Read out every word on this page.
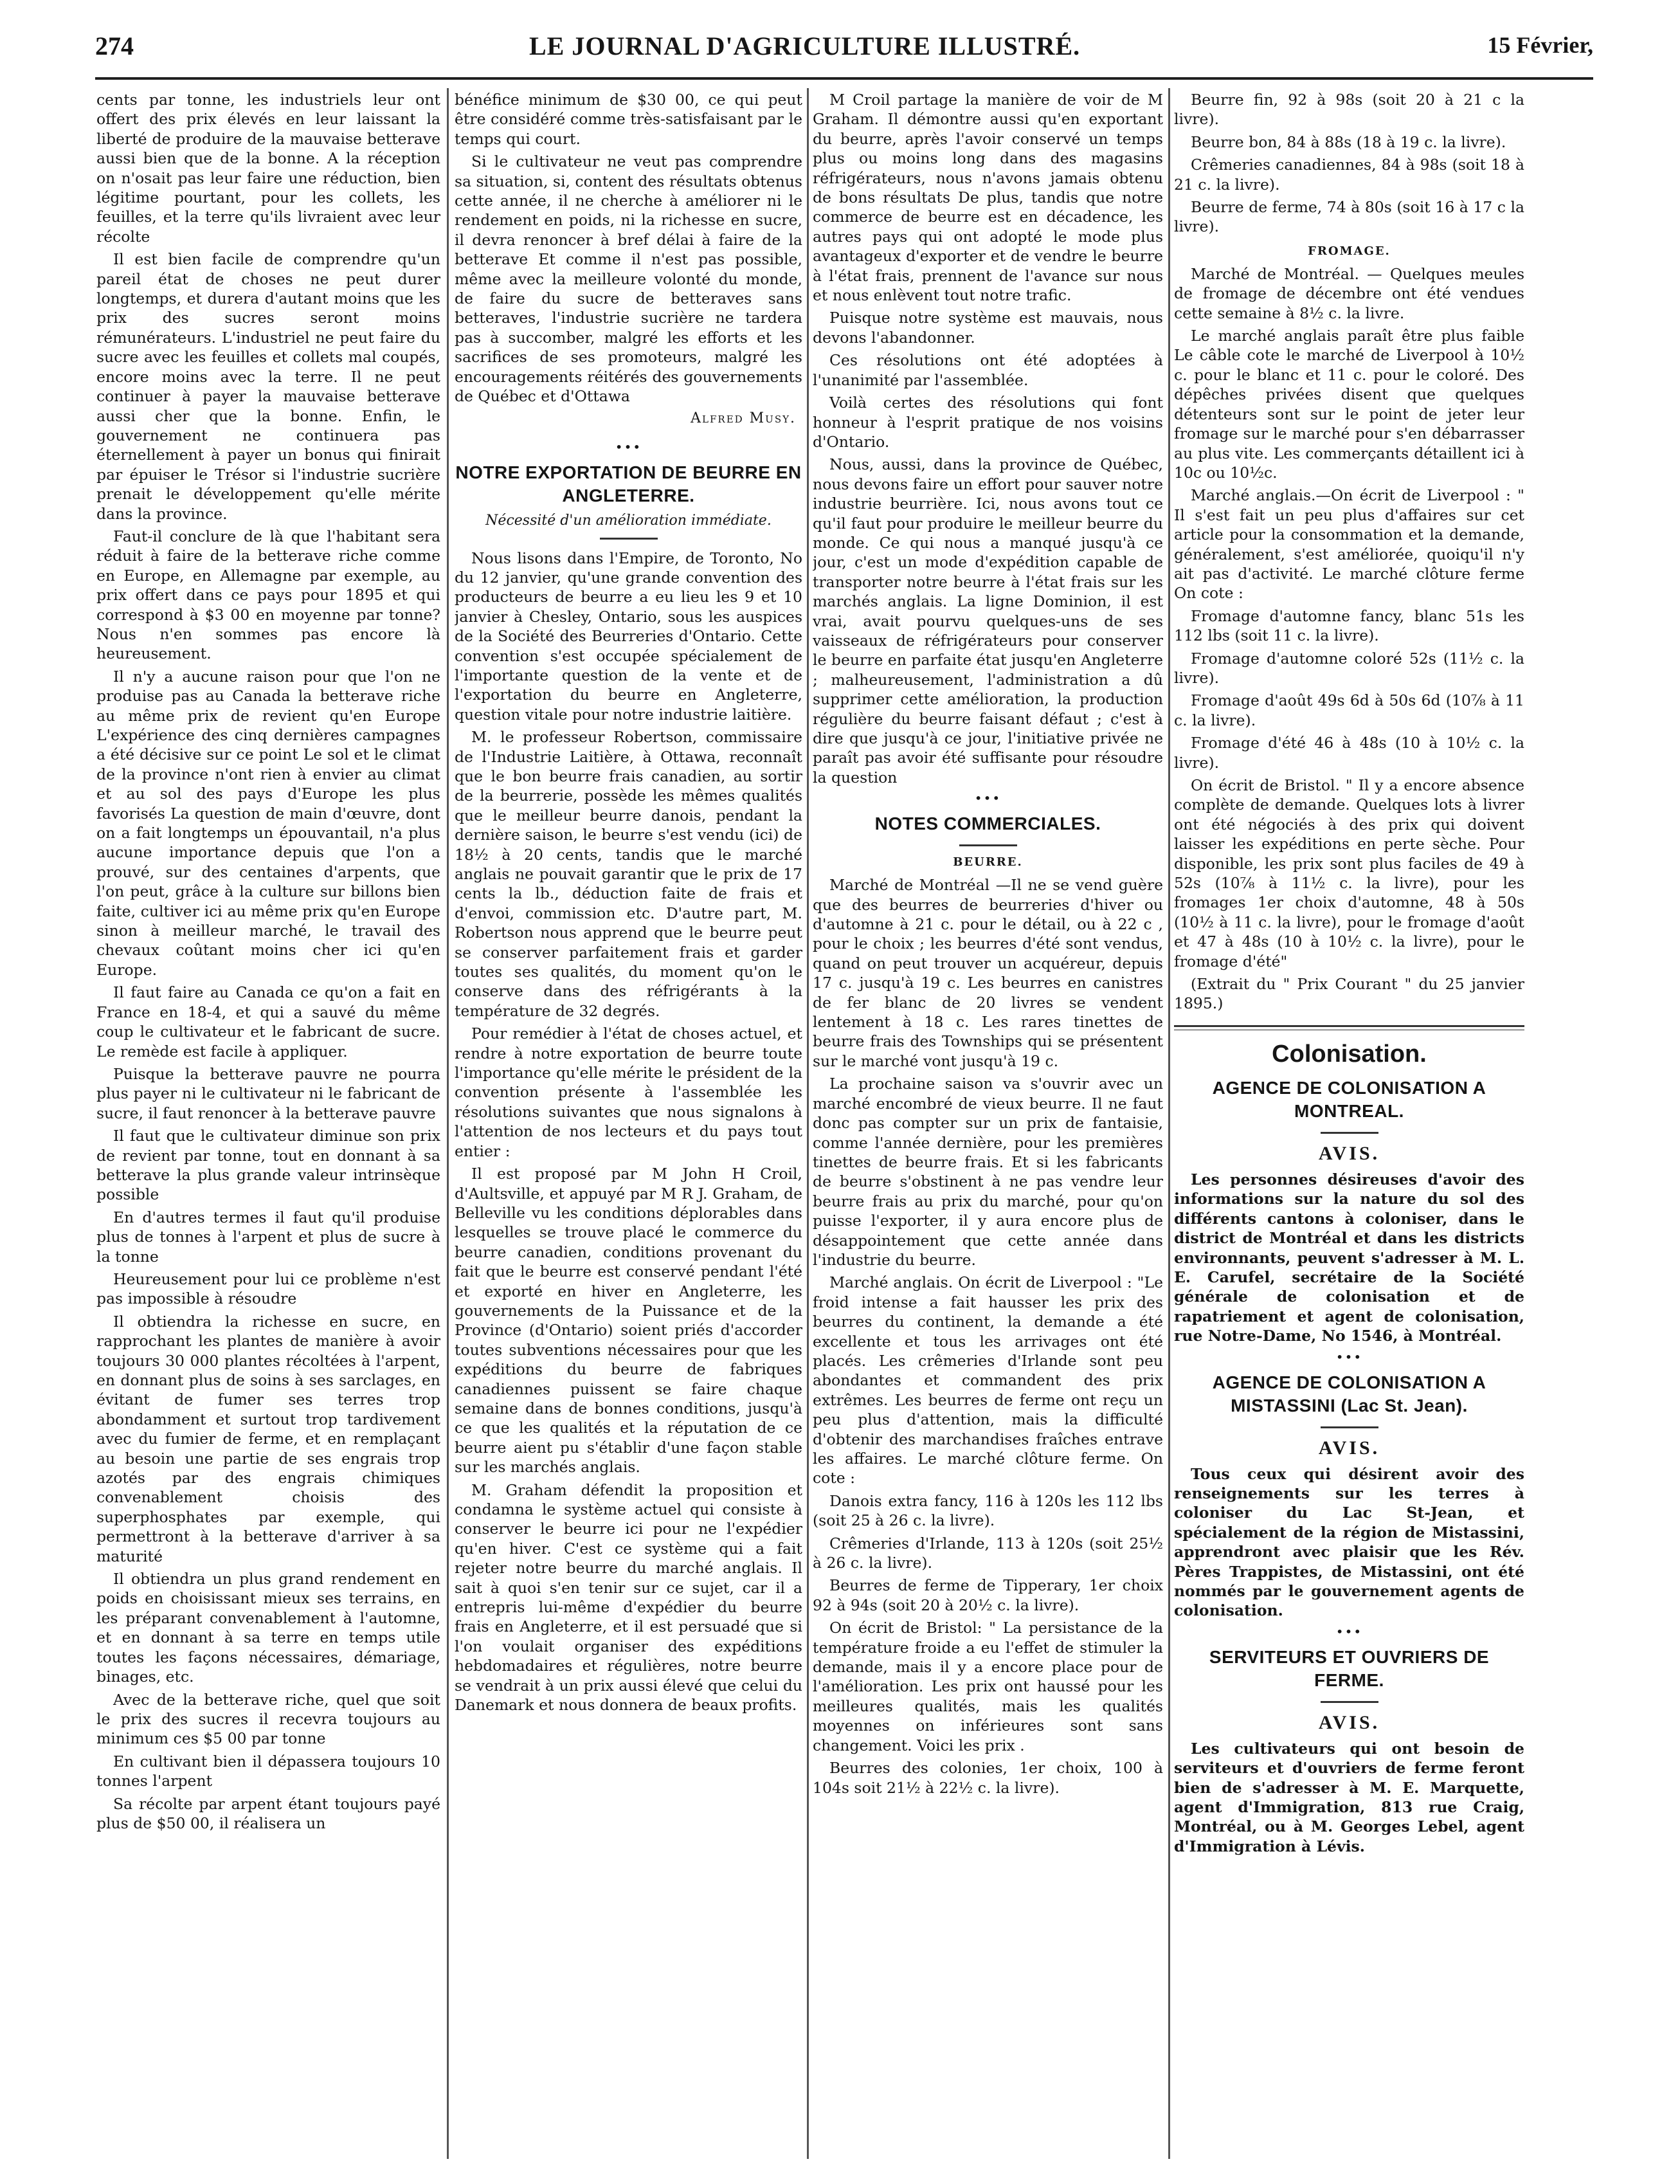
274	LE JOURNAL D'AGRICULTURE ILLUSTRÉ.	15 Février,

cents par tonne, les industriels leur ont offert des prix élevés en leur laissant la liberté de produire de la mauvaise betterave aussi bien que de la bonne. A la réception on n'osait pas leur faire une réduction, bien légitime pourtant, pour les collets, les feuilles, et la terre qu'ils livraient avec leur récolte

Il est bien facile de comprendre qu'un pareil état de choses ne peut durer longtemps, et durera d'autant moins que les prix des sucres seront moins rémunérateurs. L'industriel ne peut faire du sucre avec les feuilles et collets mal coupés, encore moins avec la terre. Il ne peut continuer à payer la mauvaise betterave aussi cher que la bonne. Enfin, le gouvernement ne continuera pas éternellement à payer un bonus qui finirait par épuiser le Trésor si l'industrie sucrière prenait le développement qu'elle mérite dans la province.

Faut-il conclure de là que l'habitant sera réduit à faire de la betterave riche comme en Europe, en Allemagne par exemple, au prix offert dans ce pays pour 1895 et qui correspond à $3 00 en moyenne par tonne? Nous n'en sommes pas encore là heureusement.

Il n'y a aucune raison pour que l'on ne produise pas au Canada la betterave riche au même prix de revient qu'en Europe L'expérience des cinq dernières campagnes a été décisive sur ce point Le sol et le climat de la province n'ont rien à envier au climat et au sol des pays d'Europe les plus favorisés La question de main d'œuvre, dont on a fait longtemps un épouvantail, n'a plus aucune importance depuis que l'on a prouvé, sur des centaines d'arpents, que l'on peut, grâce à la culture sur billons bien faite, cultiver ici au même prix qu'en Europe sinon à meilleur marché, le travail des chevaux coûtant moins cher ici qu'en Europe.

Il faut faire au Canada ce qu'on a fait en France en 18-4, et qui a sauvé du même coup le cultivateur et le fabricant de sucre. Le remède est facile à appliquer.

Puisque la betterave pauvre ne pourra plus payer ni le cultivateur ni le fabricant de sucre, il faut renoncer à la betterave pauvre

Il faut que le cultivateur diminue son prix de revient par tonne, tout en donnant à sa betterave la plus grande valeur intrinsèque possible

En d'autres termes il faut qu'il produise plus de tonnes à l'arpent et plus de sucre à la tonne

Heureusement pour lui ce problème n'est pas impossible à résoudre

Il obtiendra la richesse en sucre, en rapprochant les plantes de manière à avoir toujours 30 000 plantes récoltées à l'arpent, en donnant plus de soins à ses sarclages, en évitant de fumer ses terres trop abondamment et surtout trop tardivement avec du fumier de ferme, et en remplaçant au besoin une partie de ses engrais trop azotés par des engrais chimiques convenablement choisis des superphosphates par exemple, qui permettront à la betterave d'arriver à sa maturité

Il obtiendra un plus grand rendement en poids en choisissant mieux ses terrains, en les préparant convenablement à l'automne, et en donnant à sa terre en temps utile toutes les façons nécessaires, démariage, binages, etc.

Avec de la betterave riche, quel que soit le prix des sucres il recevra toujours au minimum ces $5 00 par tonne

En cultivant bien il dépassera toujours 10 tonnes l'arpent

Sa récolte par arpent étant toujours payé plus de $50 00, il réalisera un

bénéfice minimum de $30 00, ce qui peut être considéré comme très-satisfaisant par le temps qui court.

Si le cultivateur ne veut pas comprendre sa situation, si, content des résultats obtenus cette année, il ne cherche à améliorer ni le rendement en poids, ni la richesse en sucre, il devra renoncer à bref délai à faire de la betterave Et comme il n'est pas possible, même avec la meilleure volonté du monde, de faire du sucre de betteraves sans betteraves, l'industrie sucrière ne tardera pas à succomber, malgré les efforts et les sacrifices de ses promoteurs, malgré les encouragements réitérés des gouvernements de Québec et d'Ottawa

Alfred Musy.
•••
NOTRE EXPORTATION DE BEURRE EN ANGLETERRE.
Nécessité d'un amélioration immédiate.

Nous lisons dans l'Empire, de Toronto, No du 12 janvier, qu'une grande convention des producteurs de beurre a eu lieu les 9 et 10 janvier à Chesley, Ontario, sous les auspices de la Société des Beurreries d'Ontario. Cette convention s'est occupée spécialement de l'importante question de la vente et de l'exportation du beurre en Angleterre, question vitale pour notre industrie laitière.

M. le professeur Robertson, commissaire de l'Industrie Laitière, à Ottawa, reconnaît que le bon beurre frais canadien, au sortir de la beurrerie, possède les mêmes qualités que le meilleur beurre danois, pendant la dernière saison, le beurre s'est vendu (ici) de 18½ à 20 cents, tandis que le marché anglais ne pouvait garantir que le prix de 17 cents la lb., déduction faite de frais et d'envoi, commission etc. D'autre part, M. Robertson nous apprend que le beurre peut se conserver parfaitement frais et garder toutes ses qualités, du moment qu'on le conserve dans des réfrigérants à la température de 32 degrés.

Pour remédier à l'état de choses actuel, et rendre à notre exportation de beurre toute l'importance qu'elle mérite le président de la convention présente à l'assemblée les résolutions suivantes que nous signalons à l'attention de nos lecteurs et du pays tout entier :

Il est proposé par M John H Croil, d'Aultsville, et appuyé par M R J. Graham, de Belleville vu les conditions déplorables dans lesquelles se trouve placé le commerce du beurre canadien, conditions provenant du fait que le beurre est conservé pendant l'été et exporté en hiver en Angleterre, les gouvernements de la Puissance et de la Province (d'Ontario) soient priés d'accorder toutes subventions nécessaires pour que les expéditions du beurre de fabriques canadiennes puissent se faire chaque semaine dans de bonnes conditions, jusqu'à ce que les qualités et la réputation de ce beurre aient pu s'établir d'une façon stable sur les marchés anglais.

M. Graham défendit la proposition et condamna le système actuel qui consiste à conserver le beurre ici pour ne l'expédier qu'en hiver. C'est ce système qui a fait rejeter notre beurre du marché anglais. Il sait à quoi s'en tenir sur ce sujet, car il a entrepris lui-même d'expédier du beurre frais en Angleterre, et il est persuadé que si l'on voulait organiser des expéditions hebdomadaires et régulières, notre beurre se vendrait à un prix aussi élevé que celui du Danemark et nous donnera de beaux profits.

M Croil partage la manière de voir de M Graham. Il démontre aussi qu'en exportant du beurre, après l'avoir conservé un temps plus ou moins long dans des magasins réfrigérateurs, nous n'avons jamais obtenu de bons résultats De plus, tandis que notre commerce de beurre est en décadence, les autres pays qui ont adopté le mode plus avantageux d'exporter et de vendre le beurre à l'état frais, prennent de l'avance sur nous et nous enlèvent tout notre trafic.

Puisque notre système est mauvais, nous devons l'abandonner.

Ces résolutions ont été adoptées à l'unanimité par l'assemblée.

Voilà certes des résolutions qui font honneur à l'esprit pratique de nos voisins d'Ontario.

Nous, aussi, dans la province de Québec, nous devons faire un effort pour sauver notre industrie beurrière. Ici, nous avons tout ce qu'il faut pour produire le meilleur beurre du monde. Ce qui nous a manqué jusqu'à ce jour, c'est un mode d'expédition capable de transporter notre beurre à l'état frais sur les marchés anglais. La ligne Dominion, il est vrai, avait pourvu quelques-uns de ses vaisseaux de réfrigérateurs pour conserver le beurre en parfaite état jusqu'en Angleterre ; malheureusement, l'administration a dû supprimer cette amélioration, la production régulière du beurre faisant défaut ; c'est à dire que jusqu'à ce jour, l'initiative privée ne paraît pas avoir été suffisante pour résoudre la question

•••
NOTES COMMERCIALES.
BEURRE.

Marché de Montréal —Il ne se vend guère que des beurres de beurreries d'hiver ou d'automne à 21 c. pour le détail, ou à 22 c , pour le choix ; les beurres d'été sont vendus, quand on peut trouver un acquéreur, depuis 17 c. jusqu'à 19 c. Les beurres en canistres de fer blanc de 20 livres se vendent lentement à 18 c. Les rares tinettes de beurre frais des Townships qui se présentent sur le marché vont jusqu'à 19 c.

La prochaine saison va s'ouvrir avec un marché encombré de vieux beurre. Il ne faut donc pas compter sur un prix de fantaisie, comme l'année dernière, pour les premières tinettes de beurre frais. Et si les fabricants de beurre s'obstinent à ne pas vendre leur beurre frais au prix du marché, pour qu'on puisse l'exporter, il y aura encore plus de désappointement que cette année dans l'industrie du beurre.

Marché anglais. On écrit de Liverpool : "Le froid intense a fait hausser les prix des beurres du continent, la demande a été excellente et tous les arrivages ont été placés. Les crêmeries d'Irlande sont peu abondantes et commandent des prix extrêmes. Les beurres de ferme ont reçu un peu plus d'attention, mais la difficulté d'obtenir des marchandises fraîches entrave les affaires. Le marché clôture ferme. On cote :

Danois extra fancy, 116 à 120s les 112 lbs (soit 25 à 26 c. la livre).

Crêmeries d'Irlande, 113 à 120s (soit 25½ à 26 c. la livre).

Beurres de ferme de Tipperary, 1er choix 92 à 94s (soit 20 à 20½ c. la livre).

On écrit de Bristol: " La persistance de la température froide a eu l'effet de stimuler la demande, mais il y a encore place pour de l'amélioration. Les prix ont haussé pour les meilleures qualités, mais les qualités moyennes on inférieures sont sans changement. Voici les prix .

Beurres des colonies, 1er choix, 100 à 104s soit 21½ à 22½ c. la livre).

Beurre fin, 92 à 98s (soit 20 à 21 c la livre).

Beurre bon, 84 à 88s (18 à 19 c. la livre).

Crêmeries canadiennes, 84 à 98s (soit 18 à 21 c. la livre).

Beurre de ferme, 74 à 80s (soit 16 à 17 c la livre).

FROMAGE.

Marché de Montréal. — Quelques meules de fromage de décembre ont été vendues cette semaine à 8½ c. la livre.

Le marché anglais paraît être plus faible Le câble cote le marché de Liverpool à 10½ c. pour le blanc et 11 c. pour le coloré. Des dépêches privées disent que quelques détenteurs sont sur le point de jeter leur fromage sur le marché pour s'en débarrasser au plus vite. Les commerçants détaillent ici à 10c ou 10½c.

Marché anglais.—On écrit de Liverpool : " Il s'est fait un peu plus d'affaires sur cet article pour la consommation et la demande, généralement, s'est améliorée, quoiqu'il n'y ait pas d'activité. Le marché clôture ferme On cote :

Fromage d'automne fancy, blanc 51s les 112 lbs (soit 11 c. la livre).

Fromage d'automne coloré 52s (11½ c. la livre).

Fromage d'août 49s 6d à 50s 6d (10⅞ à 11 c. la livre).

Fromage d'été 46 à 48s (10 à 10½ c. la livre).

On écrit de Bristol. " Il y a encore absence complète de demande. Quelques lots à livrer ont été négociés à des prix qui doivent laisser les expéditions en perte sèche. Pour disponible, les prix sont plus faciles de 49 à 52s (10⅞ à 11½ c. la livre), pour les fromages 1er choix d'automne, 48 à 50s (10½ à 11 c. la livre), pour le fromage d'août et 47 à 48s (10 à 10½ c. la livre), pour le fromage d'été"

(Extrait du " Prix Courant " du 25 janvier 1895.)

Colonisation.
AGENCE DE COLONISATION A MONTREAL.
AVIS.

Les personnes désireuses d'avoir des informations sur la nature du sol des différents cantons à coloniser, dans le district de Montréal et dans les districts environnants, peuvent s'adresser à M. L. E. Carufel, secrétaire de la Société générale de colonisation et de rapatriement et agent de colonisation, rue Notre-Dame, No 1546, à Montréal.

•••
AGENCE DE COLONISATION A MISTASSINI (Lac St. Jean).
AVIS.

Tous ceux qui désirent avoir des renseignements sur les terres à coloniser du Lac St-Jean, et spécialement de la région de Mistassini, apprendront avec plaisir que les Rév. Pères Trappistes, de Mistassini, ont été nommés par le gouvernement agents de colonisation.

•••
SERVITEURS ET OUVRIERS DE FERME.
AVIS.

Les cultivateurs qui ont besoin de serviteurs et d'ouvriers de ferme feront bien de s'adresser à M. E. Marquette, agent d'Immigration, 813 rue Craig, Montréal, ou à M. Georges Lebel, agent d'Immigration à Lévis.
